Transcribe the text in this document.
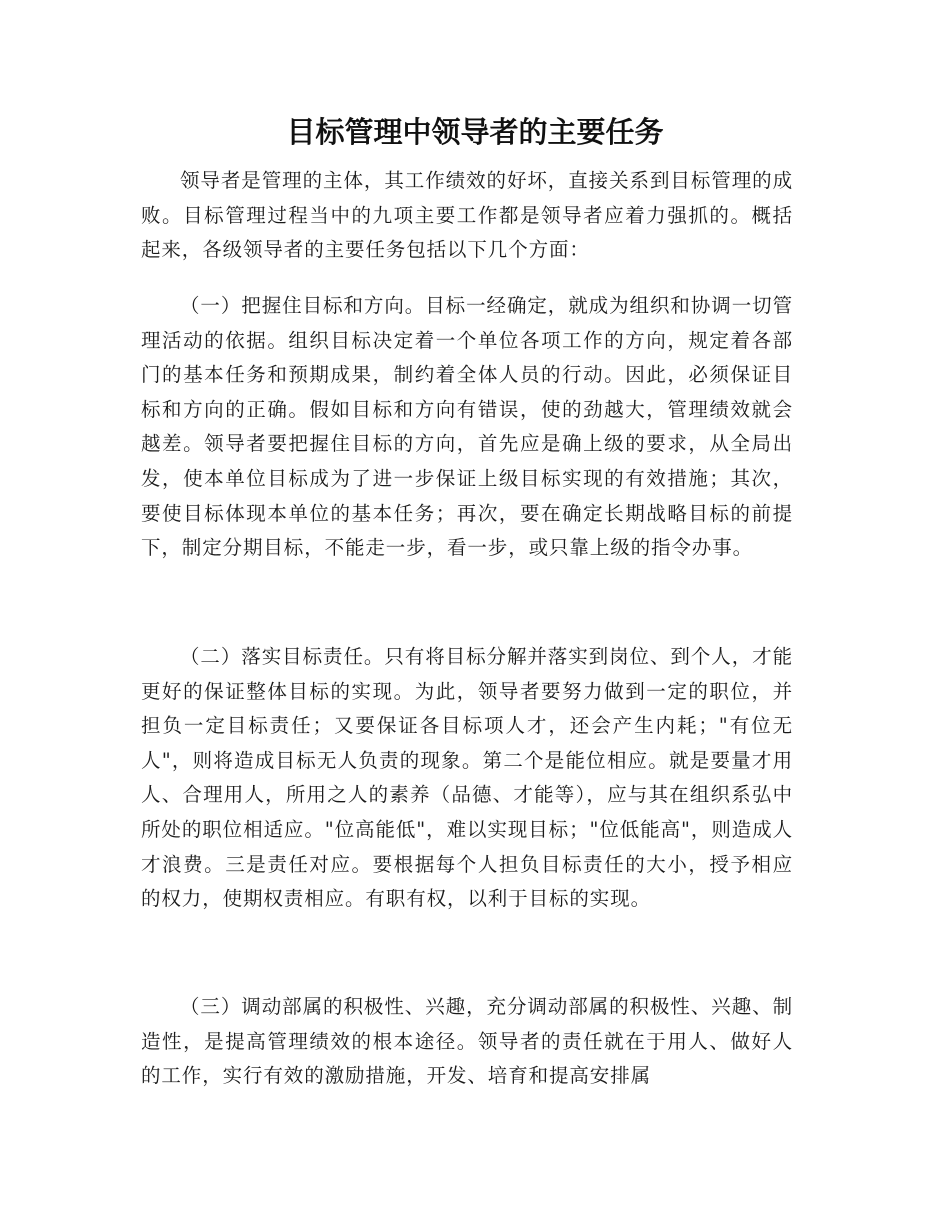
目标管理中领导者的主要任务

领导者是管理的主体，其工作绩效的好坏，直接关系到目标管理的成败。目标管理过程当中的九项主要工作都是领导者应着力强抓的。概括起来，各级领导者的主要任务包括以下几个方面：

（一）把握住目标和方向。目标一经确定，就成为组织和协调一切管理活动的依据。组织目标决定着一个单位各项工作的方向，规定着各部门的基本任务和预期成果，制约着全体人员的行动。因此，必须保证目标和方向的正确。假如目标和方向有错误，使的劲越大，管理绩效就会越差。领导者要把握住目标的方向，首先应是确上级的要求，从全局出发，使本单位目标成为了进一步保证上级目标实现的有效措施；其次，要使目标体现本单位的基本任务；再次，要在确定长期战略目标的前提下，制定分期目标，不能走一步，看一步，或只靠上级的指令办事。

（二）落实目标责任。只有将目标分解并落实到岗位、到个人，才能更好的保证整体目标的实现。为此，领导者要努力做到一定的职位，并担负一定目标责任；又要保证各目标项人才，还会产生内耗；"有位无人"，则将造成目标无人负责的现象。第二个是能位相应。就是要量才用人、合理用人，所用之人的素养（品德、才能等），应与其在组织系弘中所处的职位相适应。"位高能低"，难以实现目标；"位低能高"，则造成人才浪费。三是责任对应。要根据每个人担负目标责任的大小，授予相应的权力，使期权责相应。有职有权，以利于目标的实现。

（三）调动部属的积极性、兴趣，充分调动部属的积极性、兴趣、制造性，是提高管理绩效的根本途径。领导者的责任就在于用人、做好人的工作，实行有效的激励措施，开发、培育和提高安排属
